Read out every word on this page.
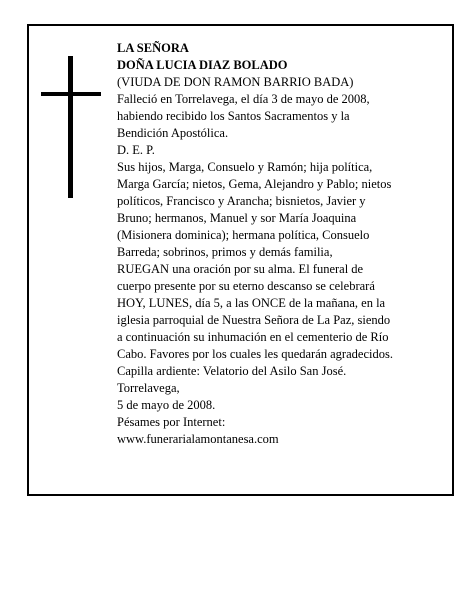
LA SEÑORA
DOÑA LUCIA DIAZ BOLADO
(VIUDA DE DON RAMON BARRIO BADA)
Falleció en Torrelavega, el día 3 de mayo de 2008,
habiendo recibido los Santos Sacramentos y la
Bendición Apostólica.
D. E. P.
Sus hijos, Marga, Consuelo y Ramón; hija política,
Marga García; nietos, Gema, Alejandro y Pablo; nietos
políticos, Francisco y Arancha; bisnietos, Javier y
Bruno; hermanos, Manuel y sor María Joaquina
(Misionera dominica); hermana política, Consuelo
Barreda; sobrinos, primos y demás familia,
RUEGAN una oración por su alma. El funeral de
cuerpo presente por su eterno descanso se celebrará
HOY, LUNES, día 5, a las ONCE de la mañana, en la
iglesia parroquial de Nuestra Señora de La Paz, siendo
a continuación su inhumación en el cementerio de Río
Cabo. Favores por los cuales les quedarán agradecidos.
Capilla ardiente: Velatorio del Asilo San José.
Torrelavega,
5 de mayo de 2008.
Pésames por Internet:
www.funerarialamontanesa.com
